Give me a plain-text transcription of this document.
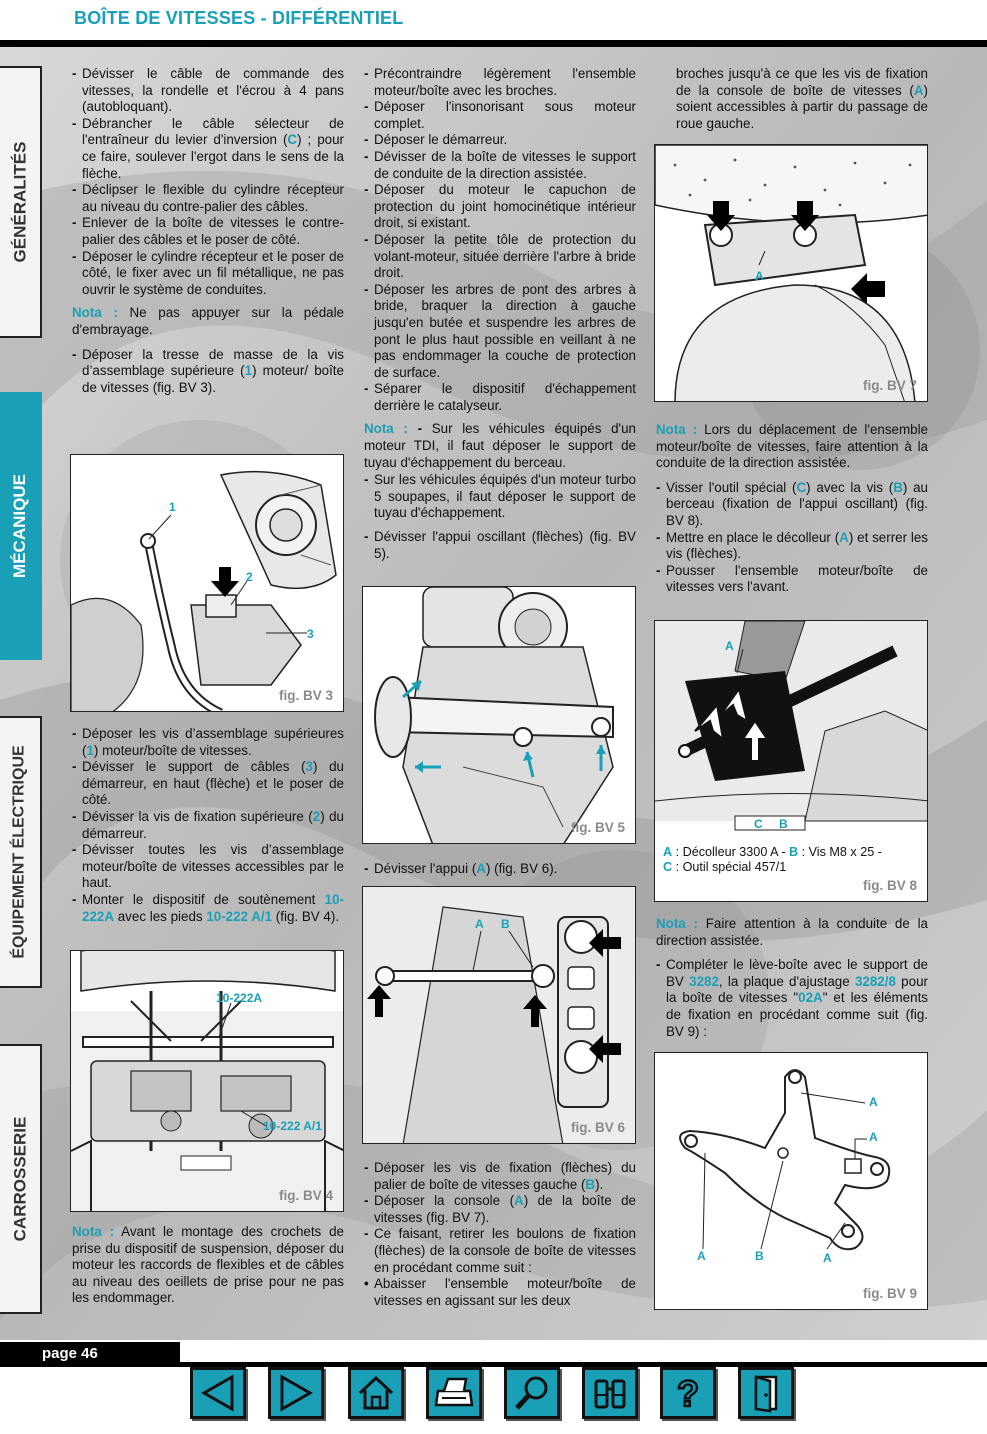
BOÎTE DE VITESSES - DIFFÉRENTIEL
GÉNÉRALITÉS
MÉCANIQUE
ÉQUIPEMENT ÉLECTRIQUE
CARROSSERIE
- Dévisser le câble de commande des vitesses, la rondelle et l'écrou à 4 pans (autobloquant).
- Débrancher le câble sélecteur de l'entraîneur du levier d'inversion (C) ; pour ce faire, soulever l'ergot dans le sens de la flèche.
- Déclipser le flexible du cylindre récepteur au niveau du contre-palier des câbles.
- Enlever de la boîte de vitesses le contre-palier des câbles et le poser de côté.
- Déposer le cylindre récepteur et le poser de côté, le fixer avec un fil métallique, ne pas ouvrir le système de conduites.

Nota : Ne pas appuyer sur la pédale d'embrayage.

- Déposer la tresse de masse de la vis d’assemblage supérieure (1) moteur/ boîte de vitesses (fig. BV 3).
1
2
3
fig. BV 3
- Déposer les vis d’assemblage supérieures (1) moteur/boîte de vitesses.
- Dévisser le support de câbles (3) du démarreur, en haut (flèche) et le poser de côté.
- Dévisser la vis de fixation supérieure (2) du démarreur.
- Dévisser toutes les vis d’assemblage moteur/boîte de vitesses accessibles par le haut.
- Monter le dispositif de soutènement 10-222A avec les pieds 10-222 A/1 (fig. BV 4).
10-222A
10-222 A/1
fig. BV 4

Nota : Avant le montage des crochets de prise du dispositif de suspension, déposer du moteur les raccords de flexibles et de câbles au niveau des oeillets de prise pour ne pas les endommager.

- Précontraindre légèrement l'ensemble moteur/boîte avec les broches.
- Déposer l'insonorisant sous moteur complet.
- Déposer le démarreur.
- Dévisser de la boîte de vitesses le support de conduite de la direction assistée.
- Déposer du moteur le capuchon de protection du joint homocinétique intérieur droit, si existant.
- Déposer la petite tôle de protection du volant-moteur, située derrière l'arbre à bride droit.
- Déposer les arbres de pont des arbres à bride, braquer la direction à gauche jusqu'en butée et suspendre les arbres de pont le plus haut possible en veillant à ne pas endommager la couche de protection de surface.
- Séparer le dispositif d'échappement derrière le catalyseur.

Nota : - Sur les véhicules équipés d'un moteur TDI, il faut déposer le support de tuyau d'échappement du berceau.

- Sur les véhicules équipés d'un moteur turbo 5 soupapes, il faut déposer le support de tuyau d'échappement.
- Dévisser l'appui oscillant (flèches) (fig. BV 5).
fig. BV 5
- Dévisser l'appui (A) (fig. BV 6).
A B
fig. BV 6
- Déposer les vis de fixation (flèches) du palier de boîte de vitesses gauche (B).
- Déposer la console (A) de la boîte de vitesses (fig. BV 7).
- Ce faisant, retirer les boulons de fixation (flèches) de la console de boîte de vitesses en procédant comme suit :
• Abaisser l'ensemble moteur/boîte de vitesses en agissant sur les deux

broches jusqu'à ce que les vis de fixation de la console de boîte de vitesses (A) soient accessibles à partir du passage de roue gauche.

A
fig. BV 7

Nota : Lors du déplacement de l'ensemble moteur/boîte de vitesses, faire attention à la conduite de la direction assistée.

- Visser l'outil spécial (C) avec la vis (B) au berceau (fixation de l'appui oscillant) (fig. BV 8).
- Mettre en place le décolleur (A) et serrer les vis (flèches).
- Pousser l'ensemble moteur/boîte de vitesses vers l'avant.
A
C B
A : Décolleur 3300 A - B : Vis M8 x 25 -
C : Outil spécial 457/1
fig. BV 8

Nota : Faire attention à la conduite de la direction assistée.

- Compléter le lève-boîte avec le support de BV 3282, la plaque d'ajustage 3282/8 pour la boîte de vitesses "02A" et les éléments de fixation en procédant comme suit (fig. BV 9) :
A
A
A	B	A
fig. BV 9
page 46
?
